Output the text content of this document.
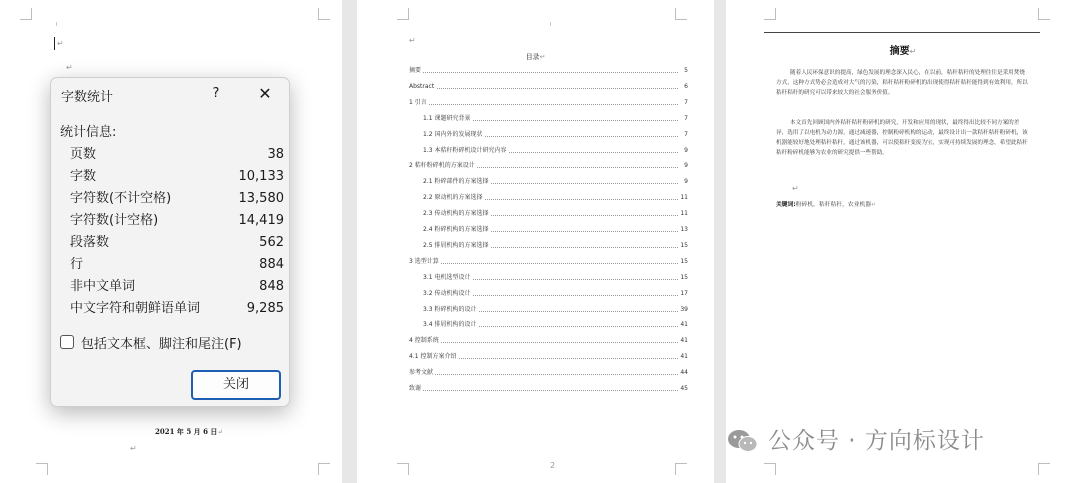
↵
↵
2021 年 5 月 6 日↵
↵
字数统计	?	✕
统计信息:
页数	38
字数	10,133
字符数(不计空格)	13,580
字符数(计空格)	14,419
段落数	562
行	884
非中文单词	848
中文字符和朝鲜语单词	9,285
包括文本框、脚注和尾注(F)
关闭
↵
目录↵
摘要	5
Abstract	6
1 引言	7
1.1 课题研究背景	7
1.2 国内外的发展现状	7
1.3 本秸秆粉碎机设计研究内容	9
2 秸秆粉碎机的方案设计	9
2.1 粉碎部件的方案选择	9
2.2 原动机的方案选择	11
2.3 传动机构的方案选择	11
2.4 粉碎机构的方案选择	13
2.5 排屑机构的方案选择	15
3 选型计算	15
3.1 电机选型设计	15
3.2 传动机构设计	17
3.3 粉碎机构的设计	39
3.4 排屑机构的设计	41
4 控制系统	41
4.1 控制方案介绍	41
参考文献	44
致谢	45
2
摘要↵
随着人民环保意识的提高，绿色发展的理念深入民心，在以前，秸秆秸秆的处理往往是采用焚烧方式，这种方式势必会造成对大气的污染，秸秆秸秆粉碎机的出现使得秸秆秸秆能得到有效利用，所以秸秆秸秆的研究可以带来较大的社会服务价值。
本文首先回顾国内外秸秆秸秆粉碎机的研究，开发和应用的现状，最终得出比较不同方案的差异，选用了以电机为动力源，通过减速器，控制粉碎机构的运动，最终设计出一款秸秆秸秆粉碎机，该机器能较好地处理秸秆秸秆，通过该机器，可以使秸秆变废为宝，实现可持续发展的理念，希望此秸秆秸秆粉碎机能够为农业的研究提供一些帮助。
↵
关键词:粉碎机，秸秆秸秆，农业机器↵
公众号 · 方向标设计
